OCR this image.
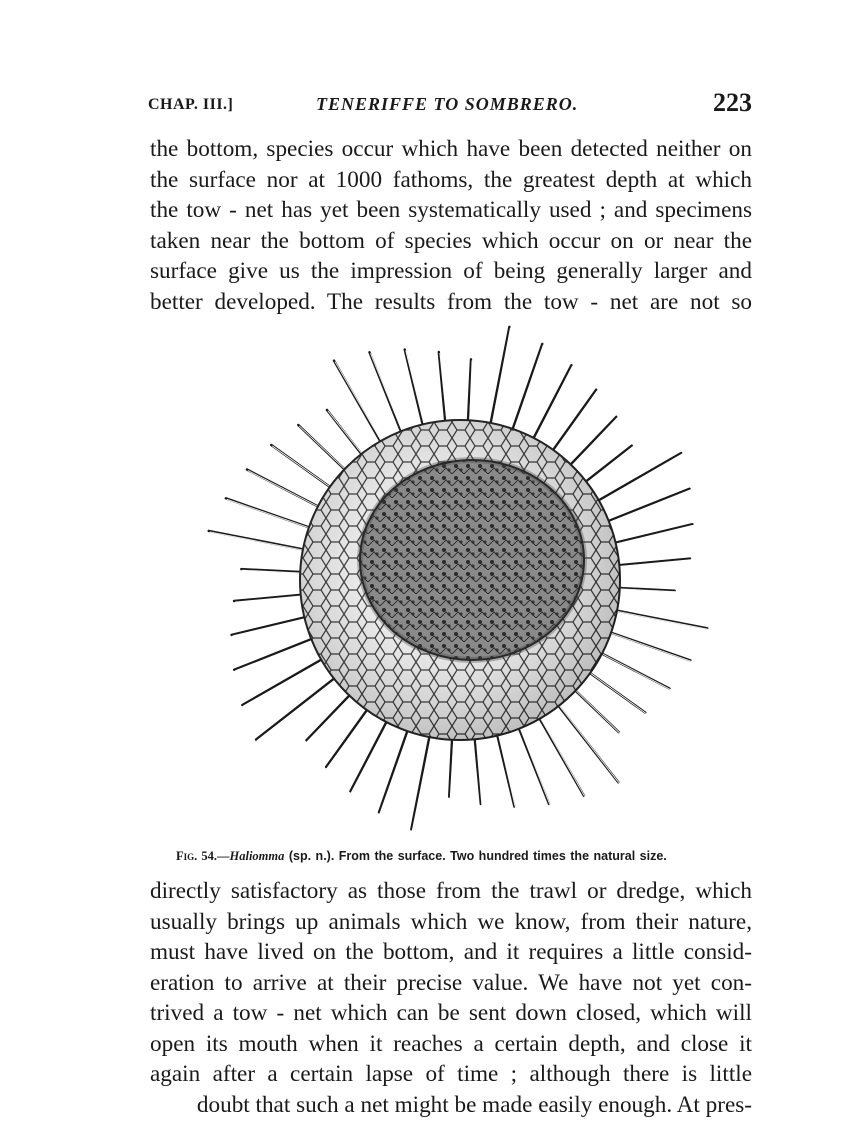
CHAP. III.]	TENERIFFE TO SOMBRERO.	223
the bottom, species occur which have been detected neither on
the surface nor at 1000 fathoms, the greatest depth at which
the tow - net has yet been systematically used ; and specimens
taken near the bottom of species which occur on or near the
surface give us the impression of being generally larger and
better developed. The results from the tow - net are not so
Fig. 54.—Haliomma (sp. n.). From the surface. Two hundred times the natural size.
directly satisfactory as those from the trawl or dredge, which
usually brings up animals which we know, from their nature,
must have lived on the bottom, and it requires a little consid-
eration to arrive at their precise value. We have not yet con-
trived a tow - net which can be sent down closed, which will
open its mouth when it reaches a certain depth, and close it
again after a certain lapse of time ; although there is little
doubt that such a net might be made easily enough. At pres-
